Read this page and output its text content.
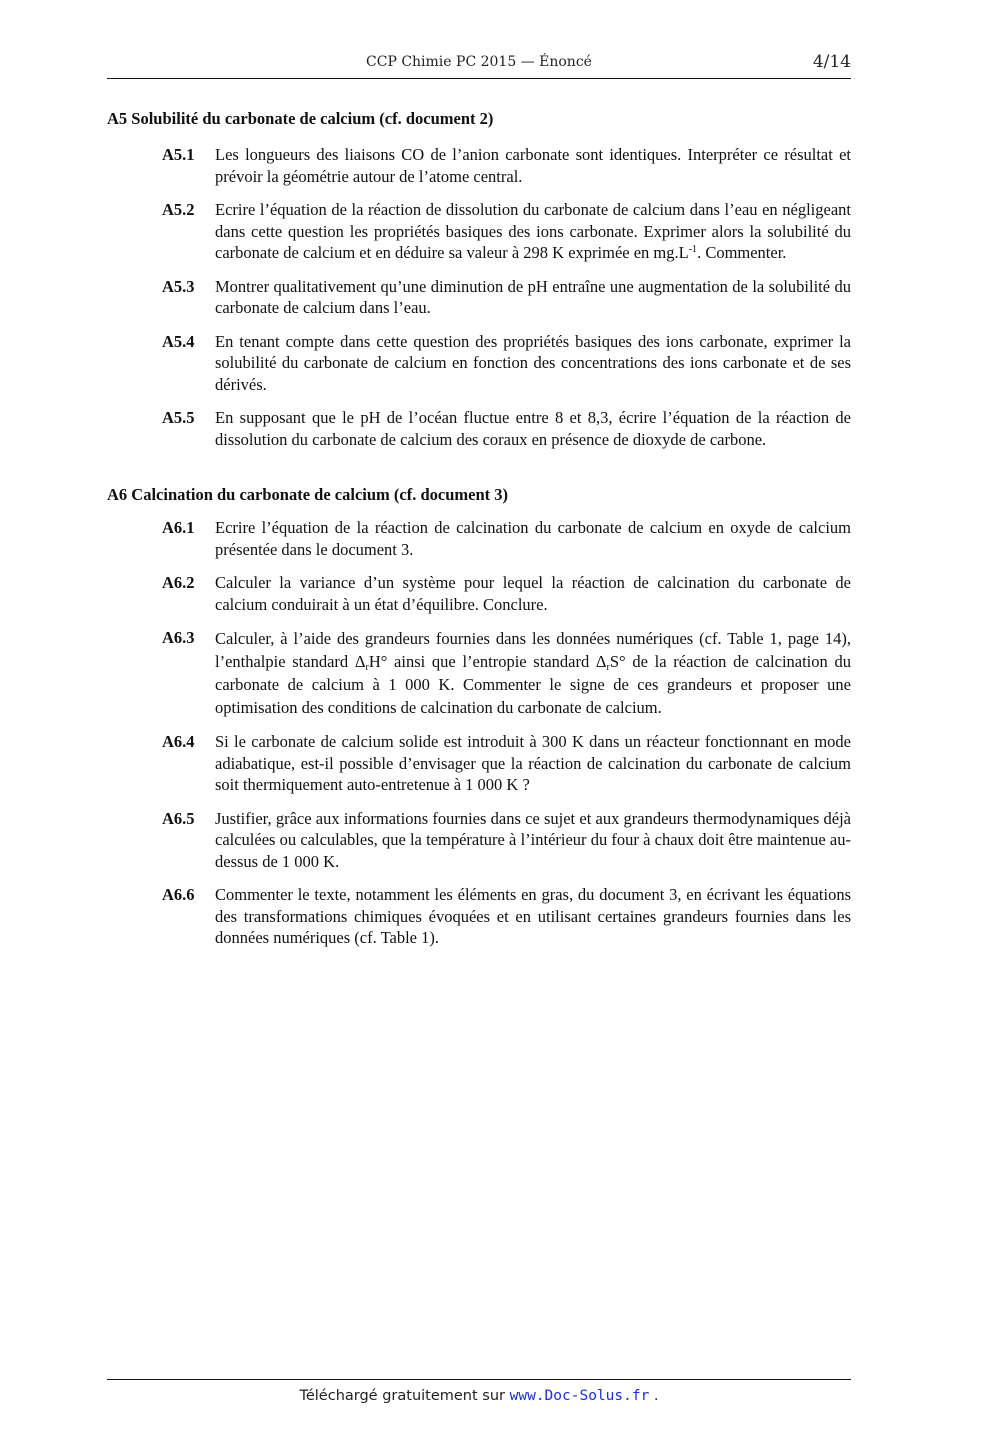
CCP Chimie PC 2015 — Énoncé	4/14
A5 Solubilité du carbonate de calcium (cf. document 2)
A5.1 Les longueurs des liaisons CO de l’anion carbonate sont identiques. Interpréter ce résultat et prévoir la géométrie autour de l’atome central.
A5.2 Ecrire l’équation de la réaction de dissolution du carbonate de calcium dans l’eau en négligeant dans cette question les propriétés basiques des ions carbonate. Exprimer alors la solubilité du carbonate de calcium et en déduire sa valeur à 298 K exprimée en $mg.L^{-1}$. Commenter.
A5.3 Montrer qualitativement qu’une diminution de pH entraîne une augmentation de la solubilité du carbonate de calcium dans l’eau.
A5.4 En tenant compte dans cette question des propriétés basiques des ions carbonate, exprimer la solubilité du carbonate de calcium en fonction des concentrations des ions carbonate et de ses dérivés.
A5.5 En supposant que le pH de l’océan fluctue entre 8 et 8,3, écrire l’équation de la réaction de dissolution du carbonate de calcium des coraux en présence de dioxyde de carbone.
A6 Calcination du carbonate de calcium (cf. document 3)
A6.1 Ecrire l’équation de la réaction de calcination du carbonate de calcium en oxyde de calcium présentée dans le document 3.
A6.2 Calculer la variance d’un système pour lequel la réaction de calcination du carbonate de calcium conduirait à un état d’équilibre. Conclure.
A6.3 Calculer, à l’aide des grandeurs fournies dans les données numériques (cf. Table 1, page 14), l’enthalpie standard $\Delta_rH^\circ$ ainsi que l’entropie standard $\Delta_rS^\circ$ de la réaction de calcination du carbonate de calcium à 1 000 K. Commenter le signe de ces grandeurs et proposer une optimisation des conditions de calcination du carbonate de calcium.
A6.4 Si le carbonate de calcium solide est introduit à 300 K dans un réacteur fonctionnant en mode adiabatique, est-il possible d’envisager que la réaction de calcination du carbonate de calcium soit thermiquement auto-entretenue à 1 000 K ?
A6.5 Justifier, grâce aux informations fournies dans ce sujet et aux grandeurs thermodynamiques déjà calculées ou calculables, que la température à l’intérieur du four à chaux doit être maintenue au-dessus de 1 000 K.
A6.6 Commenter le texte, notamment les éléments en gras, du document 3, en écrivant les équations des transformations chimiques évoquées et en utilisant certaines grandeurs fournies dans les données numériques (cf. Table 1).
Téléchargé gratuitement sur www.Doc-Solus.fr .
